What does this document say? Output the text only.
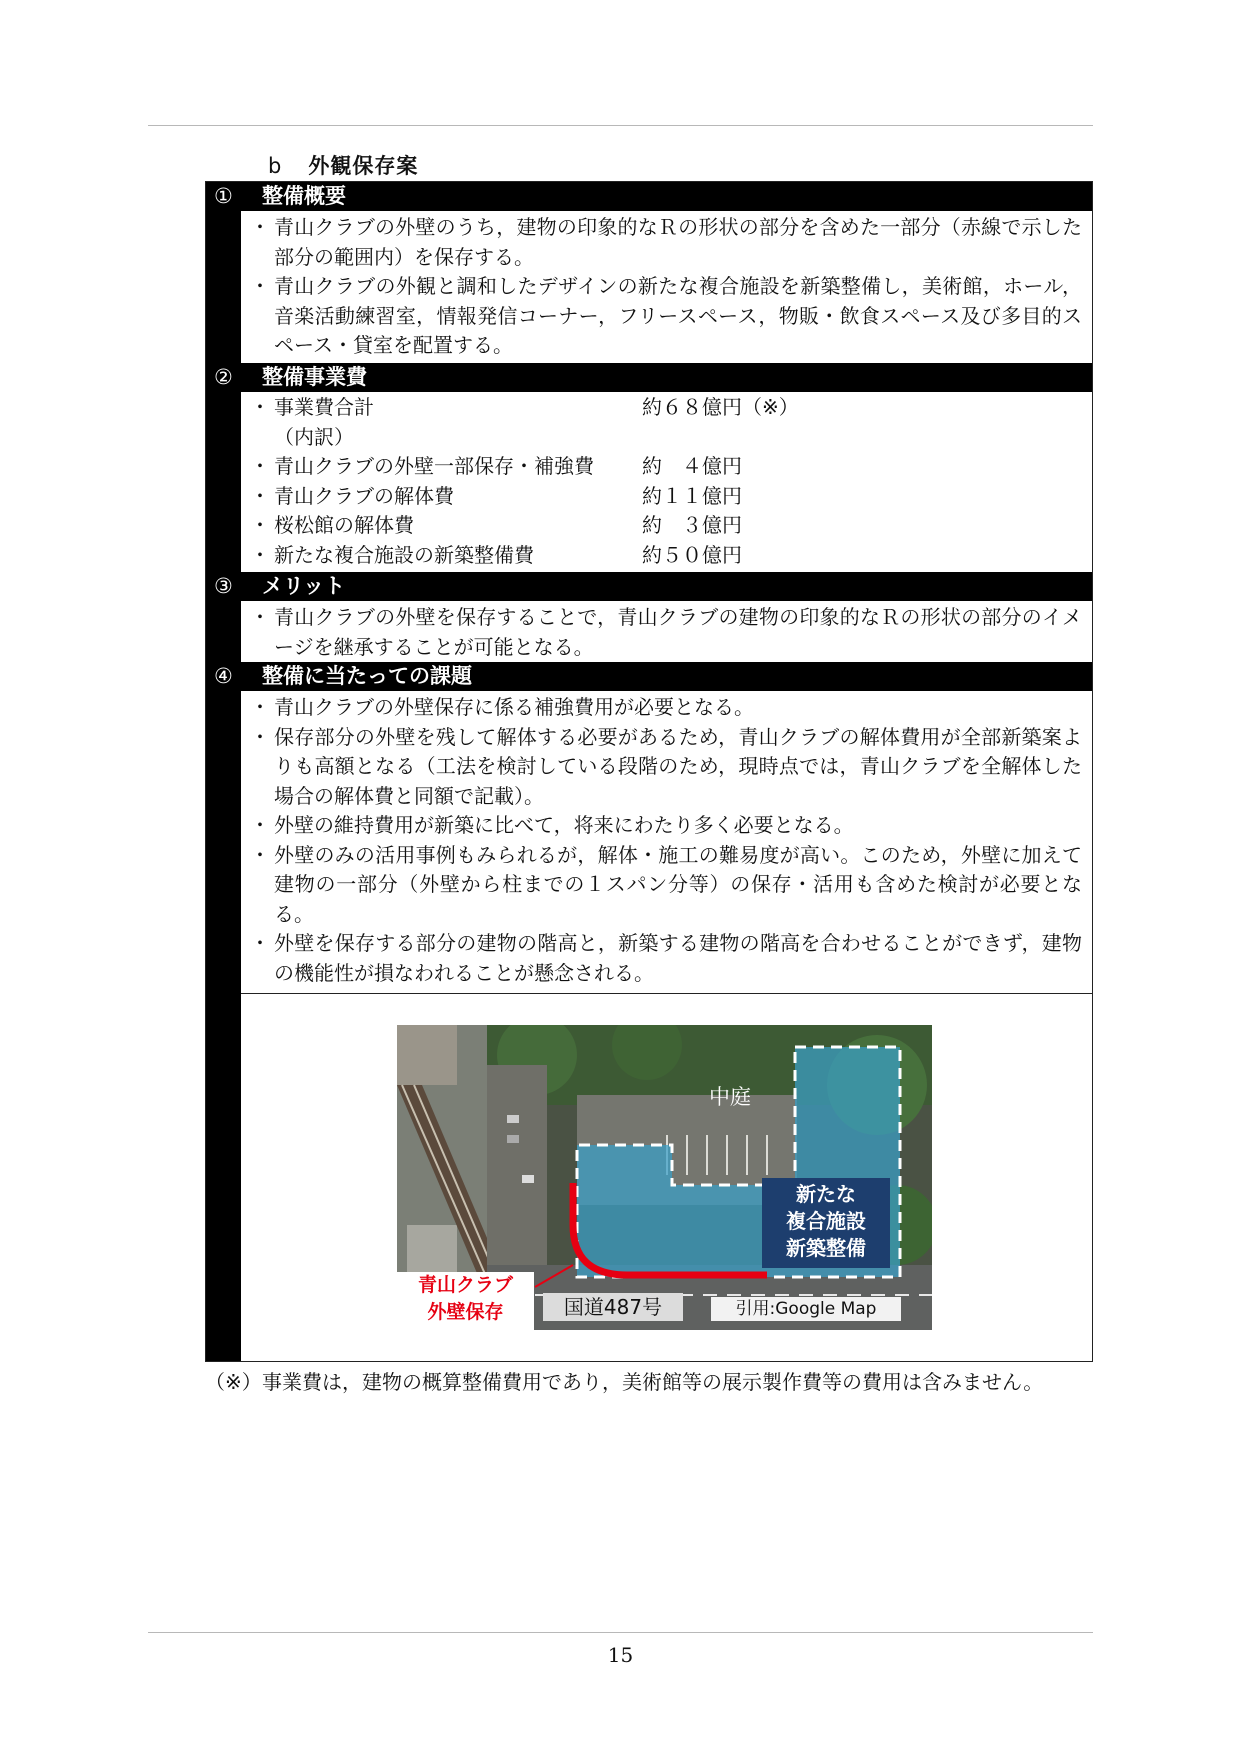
b 外観保存案
① 整備概要
・ 青山クラブの外壁のうち，建物の印象的なＲの形状の部分を含めた一部分（赤線で示した部分の範囲内）を保存する。
・ 青山クラブの外観と調和したデザインの新たな複合施設を新築整備し，美術館，ホール，音楽活動練習室，情報発信コーナー，フリースペース，物販・飲食スペース及び多目的スペース・貸室を配置する。
② 整備事業費
・ 事業費合計	約６８億円（※）
（内訳）
・ 青山クラブの外壁一部保存・補強費	約　４億円
・ 青山クラブの解体費	約１１億円
・ 桜松館の解体費	約　３億円
・ 新たな複合施設の新築整備費	約５０億円
③ メリット
・ 青山クラブの外壁を保存することで，青山クラブの建物の印象的なＲの形状の部分のイメージを継承することが可能となる。
④ 整備に当たっての課題
・ 青山クラブの外壁保存に係る補強費用が必要となる。
・ 保存部分の外壁を残して解体する必要があるため，青山クラブの解体費用が全部新築案よりも高額となる（工法を検討している段階のため，現時点では，青山クラブを全解体した場合の解体費と同額で記載）。
・ 外壁の維持費用が新築に比べて，将来にわたり多く必要となる。
・ 外壁のみの活用事例もみられるが，解体・施工の難易度が高い。このため，外壁に加えて建物の一部分（外壁から柱までの１スパン分等）の保存・活用も含めた検討が必要となる。
・ 外壁を保存する部分の建物の階高と，新築する建物の階高を合わせることができず，建物の機能性が損なわれることが懸念される。
中庭
新たな
複合施設
新築整備
青山クラブ
外壁保存	国道487号	引用:Google Map
（※） 事業費は，建物の概算整備費用であり，美術館等の展示製作費等の費用は含みません。
15
